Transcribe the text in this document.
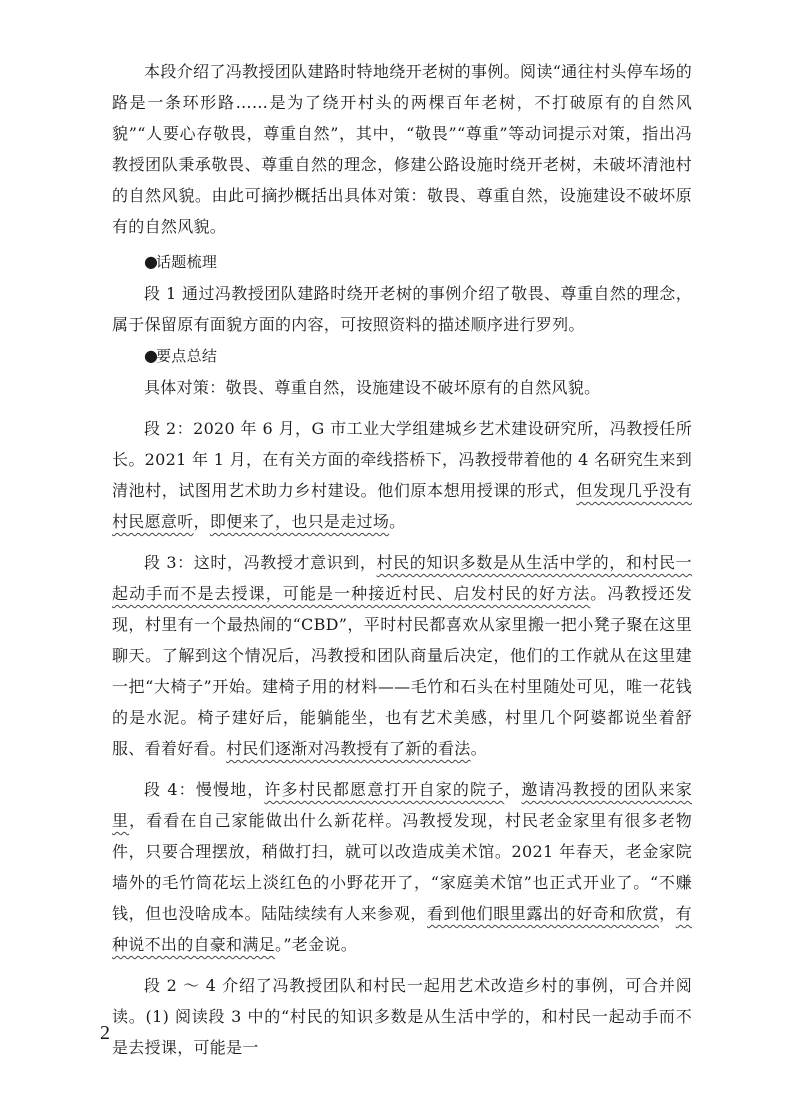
本段介绍了冯教授团队建路时特地绕开老树的事例。阅读“通往村头停车场的路是一条环形路……是为了绕开村头的两棵百年老树，不打破原有的自然风貌”“人要心存敬畏，尊重自然”，其中，“敬畏”“尊重”等动词提示对策，指出冯教授团队秉承敬畏、尊重自然的理念，修建公路设施时绕开老树，未破坏清池村的自然风貌。由此可摘抄概括出具体对策：敬畏、尊重自然，设施建设不破坏原有的自然风貌。

●话题梳理

段 1 通过冯教授团队建路时绕开老树的事例介绍了敬畏、尊重自然的理念，属于保留原有面貌方面的内容，可按照资料的描述顺序进行罗列。

●要点总结

具体对策：敬畏、尊重自然，设施建设不破坏原有的自然风貌。

段 2：2020 年 6 月，G 市工业大学组建城乡艺术建设研究所，冯教授任所长。2021 年 1 月，在有关方面的牵线搭桥下，冯教授带着他的 4 名研究生来到清池村，试图用艺术助力乡村建设。他们原本想用授课的形式，但发现几乎没有村民愿意听，即便来了，也只是走过场。

段 3：这时，冯教授才意识到，村民的知识多数是从生活中学的，和村民一起动手而不是去授课，可能是一种接近村民、启发村民的好方法。冯教授还发现，村里有一个最热闹的“CBD”，平时村民都喜欢从家里搬一把小凳子聚在这里聊天。了解到这个情况后，冯教授和团队商量后决定，他们的工作就从在这里建一把“大椅子”开始。建椅子用的材料——毛竹和石头在村里随处可见，唯一花钱的是水泥。椅子建好后，能躺能坐，也有艺术美感，村里几个阿婆都说坐着舒服、看着好看。村民们逐渐对冯教授有了新的看法。

段 4：慢慢地，许多村民都愿意打开自家的院子，邀请冯教授的团队来家里，看看在自己家能做出什么新花样。冯教授发现，村民老金家里有很多老物件，只要合理摆放，稍做打扫，就可以改造成美术馆。2021 年春天，老金家院墙外的毛竹筒花坛上淡红色的小野花开了，“家庭美术馆”也正式开业了。“不赚钱，但也没啥成本。陆陆续续有人来参观，看到他们眼里露出的好奇和欣赏，有种说不出的自豪和满足。”老金说。

段 2 ～ 4 介绍了冯教授团队和村民一起用艺术改造乡村的事例，可合并阅读。(1) 阅读段 3 中的“村民的知识多数是从生活中学的，和村民一起动手而不是去授课，可能是一

2
